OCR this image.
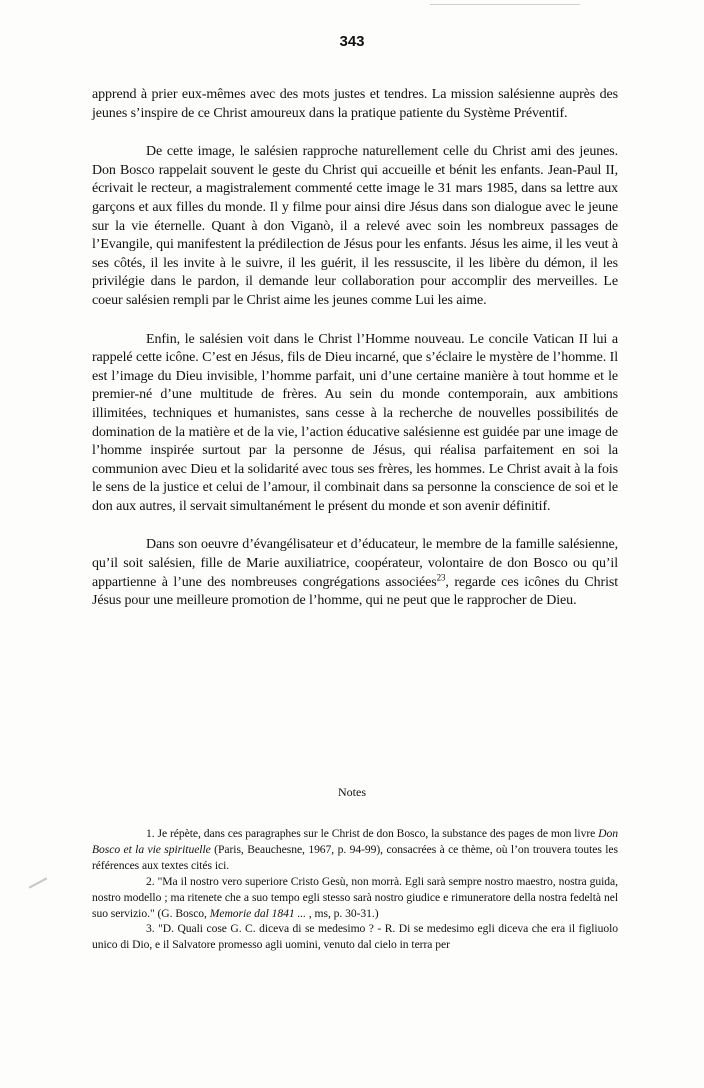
343

apprend à prier eux-mêmes avec des mots justes et tendres. La mission salésienne auprès des jeunes s’inspire de ce Christ amoureux dans la pratique patiente du Système Préventif.

De cette image, le salésien rapproche naturellement celle du Christ ami des jeunes. Don Bosco rappelait souvent le geste du Christ qui accueille et bénit les enfants. Jean-Paul II, écrivait le recteur, a magistralement commenté cette image le 31 mars 1985, dans sa lettre aux garçons et aux filles du monde. Il y filme pour ainsi dire Jésus dans son dialogue avec le jeune sur la vie éternelle. Quant à don Viganò, il a relevé avec soin les nombreux passages de l’Evangile, qui manifestent la prédilection de Jésus pour les enfants. Jésus les aime, il les veut à ses côtés, il les invite à le suivre, il les guérit, il les ressuscite, il les libère du démon, il les privilégie dans le pardon, il demande leur collaboration pour accomplir des merveilles. Le coeur salésien rempli par le Christ aime les jeunes comme Lui les aime.

Enfin, le salésien voit dans le Christ l’Homme nouveau. Le concile Vatican II lui a rappelé cette icône. C’est en Jésus, fils de Dieu incarné, que s’éclaire le mystère de l’homme. Il est l’image du Dieu invisible, l’homme parfait, uni d’une certaine manière à tout homme et le premier-né d’une multitude de frères. Au sein du monde contemporain, aux ambitions illimitées, techniques et humanistes, sans cesse à la recherche de nouvelles possibilités de domination de la matière et de la vie, l’action éducative salésienne est guidée par une image de l’homme inspirée surtout par la personne de Jésus, qui réalisa parfaitement en soi la communion avec Dieu et la solidarité avec tous ses frères, les hommes. Le Christ avait à la fois le sens de la justice et celui de l’amour, il combinait dans sa personne la conscience de soi et le don aux autres, il servait simultanément le présent du monde et son avenir définitif.

Dans son oeuvre d’évangélisateur et d’éducateur, le membre de la famille salésienne, qu’il soit salésien, fille de Marie auxiliatrice, coopérateur, volontaire de don Bosco ou qu’il appartienne à l’une des nombreuses congrégations associées$^{23}$, regarde ces icônes du Christ Jésus pour une meilleure promotion de l’homme, qui ne peut que le rapprocher de Dieu.

Notes

1. Je répète, dans ces paragraphes sur le Christ de don Bosco, la substance des pages de mon livre Don Bosco et la vie spirituelle (Paris, Beauchesne, 1967, p. 94-99), consacrées à ce thème, où l’on trouvera toutes les références aux textes cités ici.

2. "Ma il nostro vero superiore Cristo Gesù, non morrà. Egli sarà sempre nostro maestro, nostra guida, nostro modello ; ma ritenete che a suo tempo egli stesso sarà nostro giudice e rimuneratore della nostra fedeltà nel suo servizio." (G. Bosco, Memorie dal 1841 ... , ms, p. 30-31.)

3. "D. Quali cose G. C. diceva di se medesimo ? - R. Di se medesimo egli diceva che era il figliuolo unico di Dio, e il Salvatore promesso agli uomini, venuto dal cielo in terra per
